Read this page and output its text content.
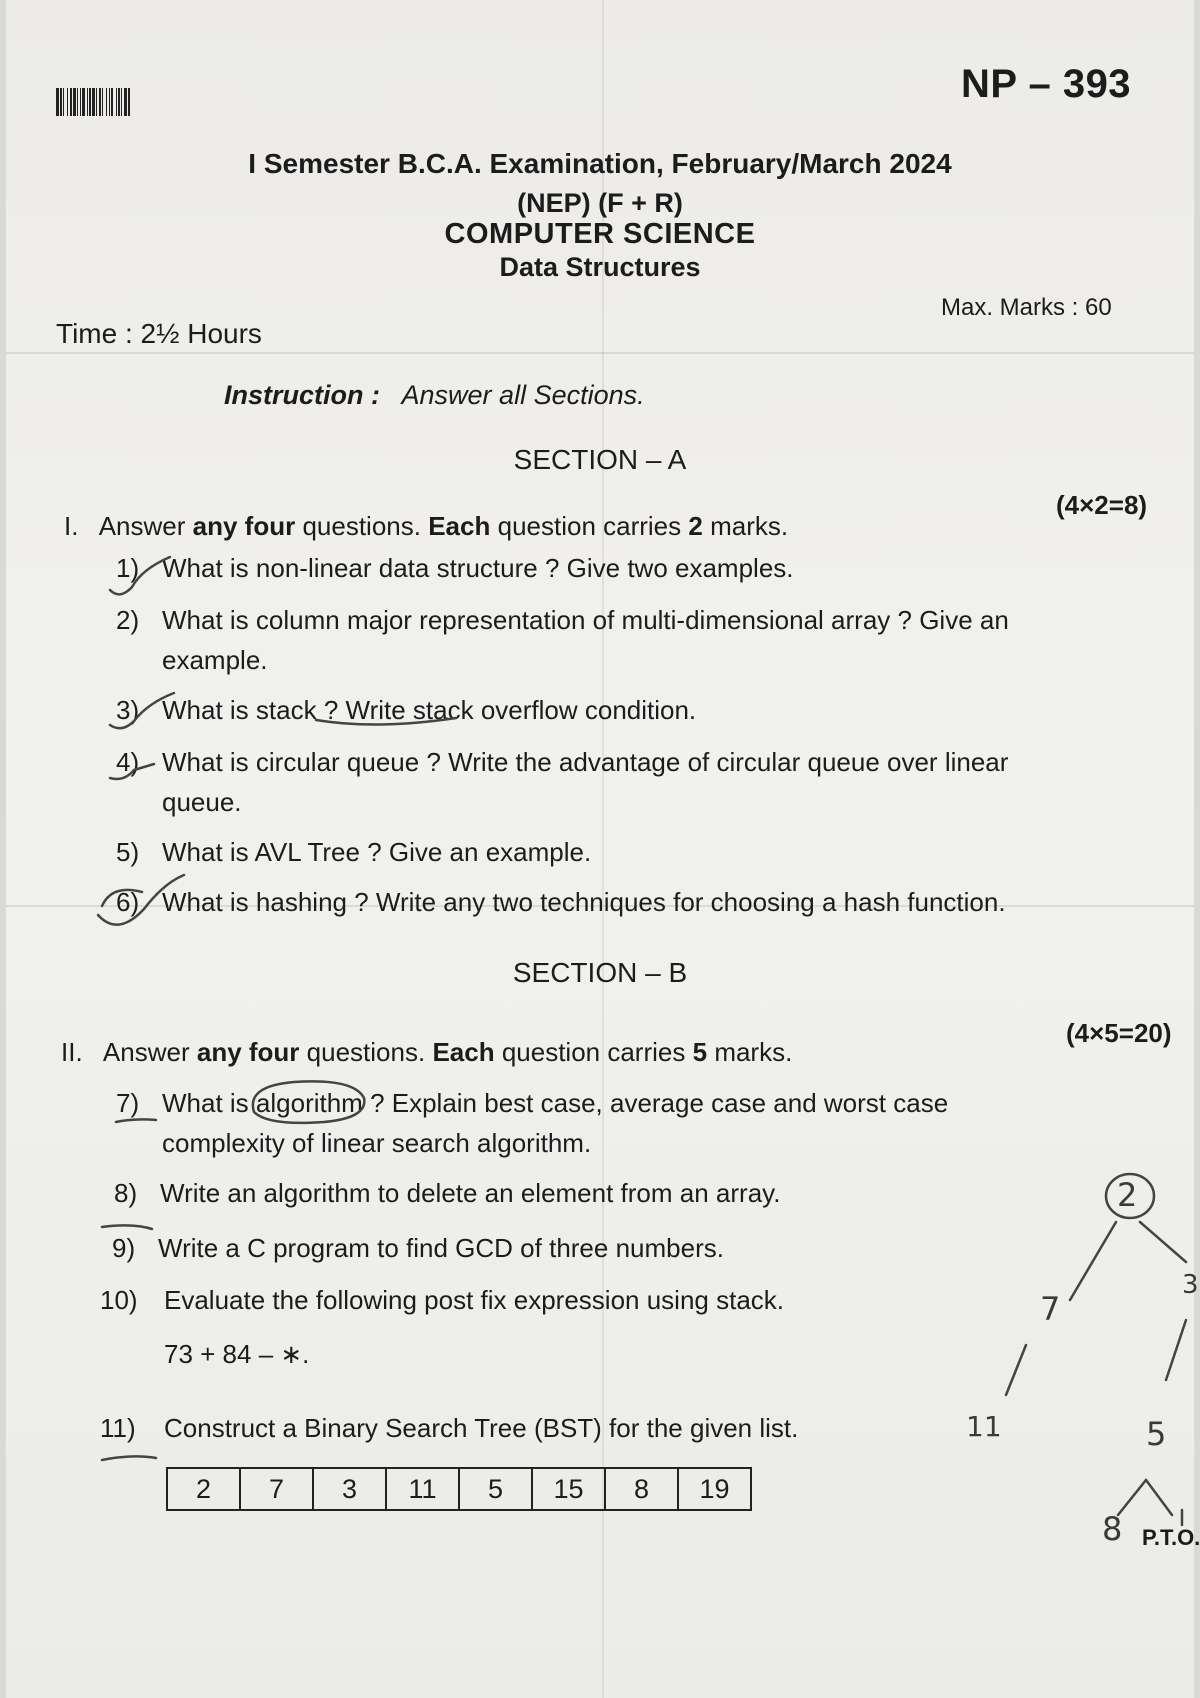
NP – 393
I Semester B.C.A. Examination, February/March 2024
(NEP) (F + R)
COMPUTER SCIENCE
Data Structures
Time : 2½ Hours
Max. Marks : 60
Instruction : Answer all Sections.
SECTION – A
I. Answer any four questions. Each question carries 2 marks.
(4×2=8)
1) What is non-linear data structure ? Give two examples.
2) What is column major representation of multi-dimensional array ? Give an
example.
3) What is stack ? Write stack overflow condition.
4) What is circular queue ? Write the advantage of circular queue over linear
queue.
5) What is AVL Tree ? Give an example.
6) What is hashing ? Write any two techniques for choosing a hash function.
SECTION – B
II. Answer any four questions. Each question carries 5 marks.
(4×5=20)
7) What is algorithm ? Explain best case, average case and worst case
complexity of linear search algorithm.
8) Write an algorithm to delete an element from an array.
9) Write a C program to find GCD of three numbers.
10) Evaluate the following post fix expression using stack.
73 + 84 – ∗.
11) Construct a Binary Search Tree (BST) for the given list.
2	7	3	11	5	15	8	19
P.T.O.
2
7
3
11	5
8
